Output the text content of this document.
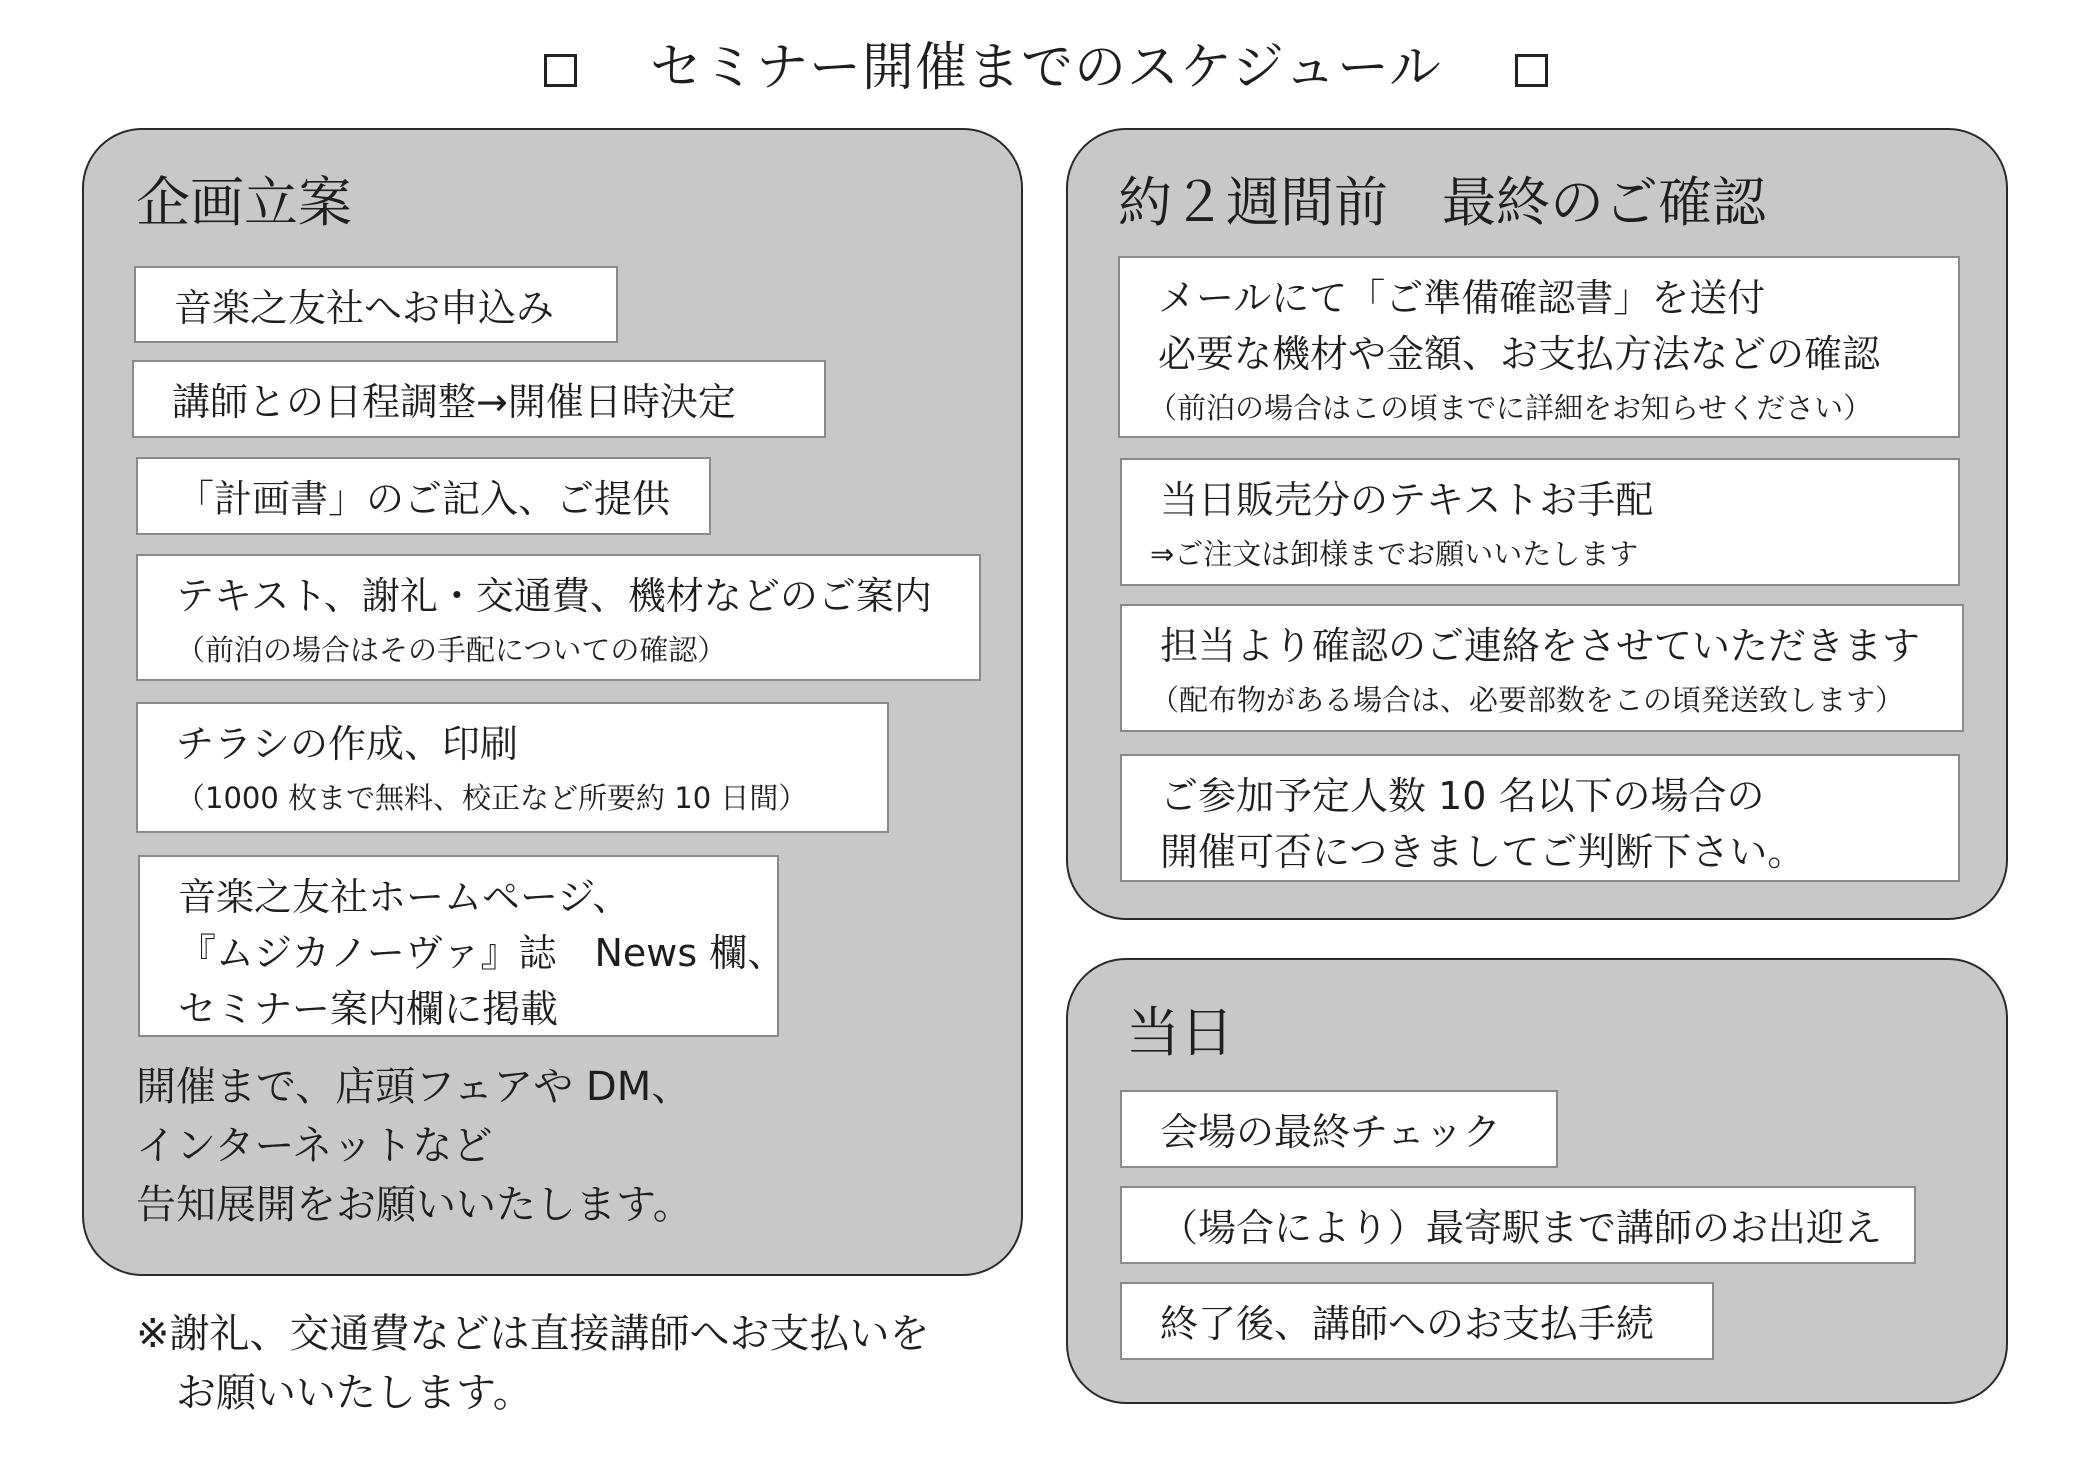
セミナー開催までのスケジュール
企画立案
音楽之友社へお申込み
講師との日程調整→開催日時決定
「計画書」のご記入、ご提供
テキスト、謝礼・交通費、機材などのご案内
（前泊の場合はその手配についての確認）
チラシの作成、印刷
（1000 枚まで無料、校正など所要約 10 日間）
音楽之友社ホームページ、
『ムジカノーヴァ』誌　News 欄、
セミナー案内欄に掲載
開催まで、店頭フェアや DM、
インターネットなど
告知展開をお願いいたします。
※謝礼、交通費などは直接講師へお支払いを
　お願いいたします。
約２週間前　最終のご確認
メールにて「ご準備確認書」を送付
必要な機材や金額、お支払方法などの確認
（前泊の場合はこの頃までに詳細をお知らせください）
当日販売分のテキストお手配
⇒ご注文は卸様までお願いいたします
担当より確認のご連絡をさせていただきます
（配布物がある場合は、必要部数をこの頃発送致します）
ご参加予定人数 10 名以下の場合の
開催可否につきましてご判断下さい。
当日
会場の最終チェック
（場合により）最寄駅まで講師のお出迎え
終了後、講師へのお支払手続
